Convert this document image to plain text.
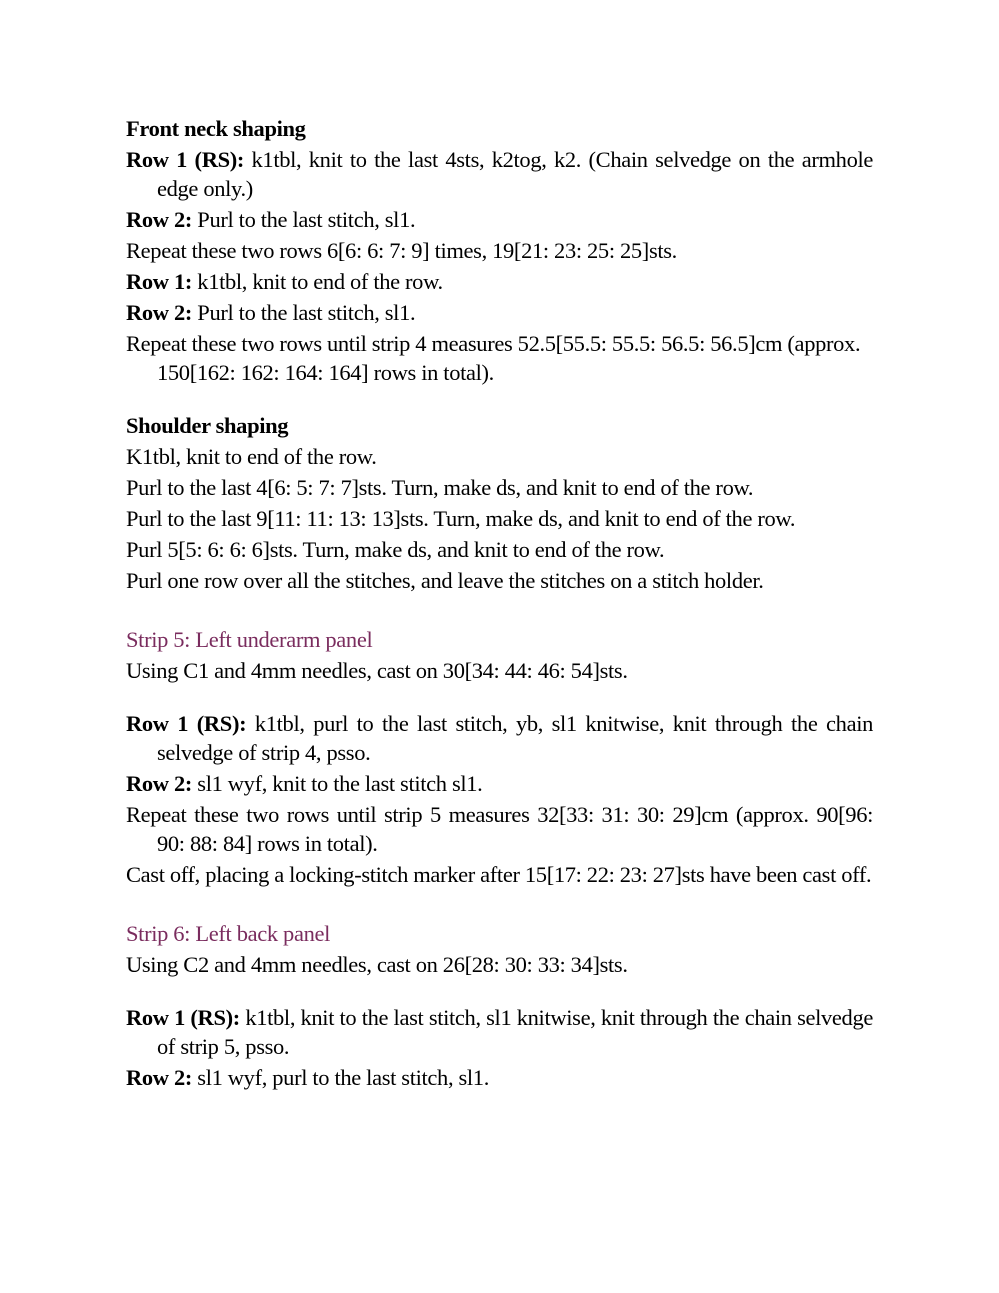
Front neck shaping

Row 1 (RS): k1tbl, knit to the last 4sts, k2tog, k2. (Chain selvedge on the armhole edge only.)

Row 2: Purl to the last stitch, sl1.

Repeat these two rows 6[6: 6: 7: 9] times, 19[21: 23: 25: 25]sts.

Row 1: k1tbl, knit to end of the row.

Row 2: Purl to the last stitch, sl1.

Repeat these two rows until strip 4 measures 52.5[55.5: 55.5: 56.5: 56.5]cm (approx. 150[162: 162: 164: 164] rows in total).

Shoulder shaping

K1tbl, knit to end of the row.

Purl to the last 4[6: 5: 7: 7]sts. Turn, make ds, and knit to end of the row.

Purl to the last 9[11: 11: 13: 13]sts. Turn, make ds, and knit to end of the row.

Purl 5[5: 6: 6: 6]sts. Turn, make ds, and knit to end of the row.

Purl one row over all the stitches, and leave the stitches on a stitch holder.

Strip 5: Left underarm panel

Using C1 and 4mm needles, cast on 30[34: 44: 46: 54]sts.

Row 1 (RS): k1tbl, purl to the last stitch, yb, sl1 knitwise, knit through the chain selvedge of strip 4, psso.

Row 2: sl1 wyf, knit to the last stitch sl1.

Repeat these two rows until strip 5 measures 32[33: 31: 30: 29]cm (approx. 90[96: 90: 88: 84] rows in total).

Cast off, placing a locking-stitch marker after 15[17: 22: 23: 27]sts have been cast off.

Strip 6: Left back panel

Using C2 and 4mm needles, cast on 26[28: 30: 33: 34]sts.

Row 1 (RS): k1tbl, knit to the last stitch, sl1 knitwise, knit through the chain selvedge of strip 5, psso.

Row 2: sl1 wyf, purl to the last stitch, sl1.
